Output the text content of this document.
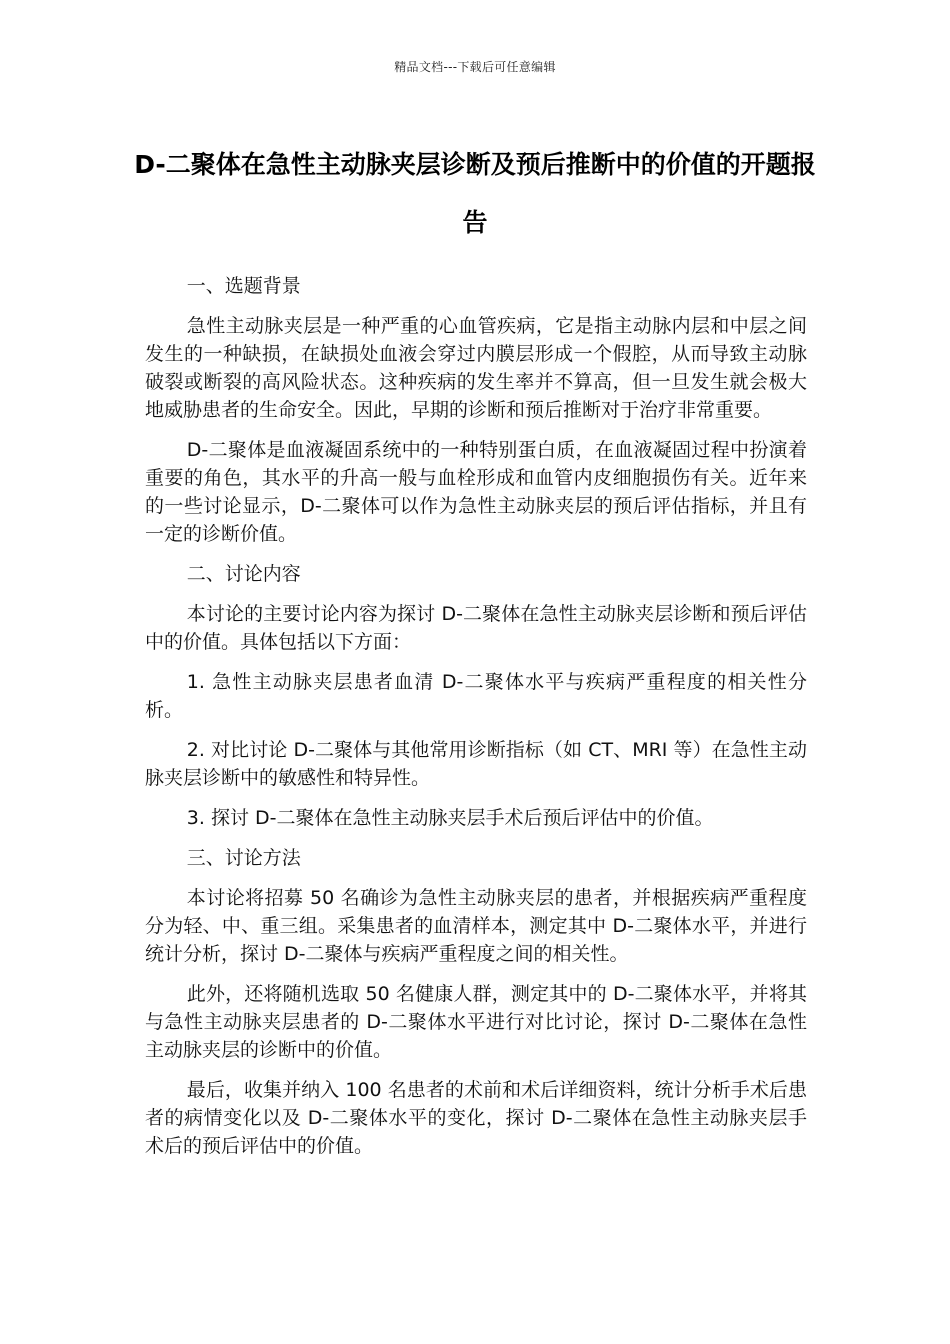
精品文档---下载后可任意编辑
D-二聚体在急性主动脉夹层诊断及预后推断中的价值的开题报告

一、选题背景

急性主动脉夹层是一种严重的心血管疾病，它是指主动脉内层和中层之间发生的一种缺损，在缺损处血液会穿过内膜层形成一个假腔，从而导致主动脉破裂或断裂的高风险状态。这种疾病的发生率并不算高，但一旦发生就会极大地威胁患者的生命安全。因此，早期的诊断和预后推断对于治疗非常重要。

D-二聚体是血液凝固系统中的一种特别蛋白质，在血液凝固过程中扮演着重要的角色，其水平的升高一般与血栓形成和血管内皮细胞损伤有关。近年来的一些讨论显示，D-二聚体可以作为急性主动脉夹层的预后评估指标，并且有一定的诊断价值。

二、讨论内容

本讨论的主要讨论内容为探讨 D-二聚体在急性主动脉夹层诊断和预后评估中的价值。具体包括以下方面：

1. 急性主动脉夹层患者血清 D-二聚体水平与疾病严重程度的相关性分析。

2. 对比讨论 D-二聚体与其他常用诊断指标（如 CT、MRI 等）在急性主动脉夹层诊断中的敏感性和特异性。

3. 探讨 D-二聚体在急性主动脉夹层手术后预后评估中的价值。

三、讨论方法

本讨论将招募 50 名确诊为急性主动脉夹层的患者，并根据疾病严重程度分为轻、中、重三组。采集患者的血清样本，测定其中 D-二聚体水平，并进行统计分析，探讨 D-二聚体与疾病严重程度之间的相关性。

此外，还将随机选取 50 名健康人群，测定其中的 D-二聚体水平，并将其与急性主动脉夹层患者的 D-二聚体水平进行对比讨论，探讨 D-二聚体在急性主动脉夹层的诊断中的价值。

最后，收集并纳入 100 名患者的术前和术后详细资料，统计分析手术后患者的病情变化以及 D-二聚体水平的变化，探讨 D-二聚体在急性主动脉夹层手术后的预后评估中的价值。
